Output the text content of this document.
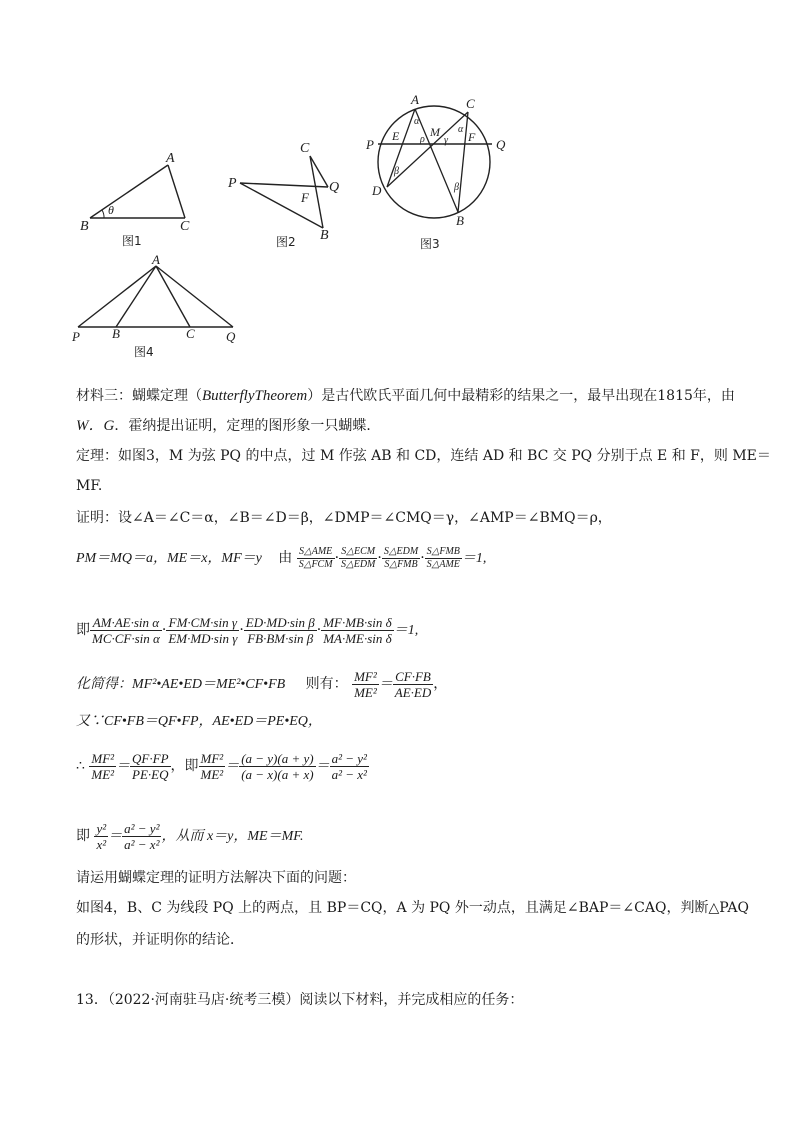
A
B	C
θ
图1
C
P	Q
F
B
图2
A	C
P
E	M F Q
D
B
α
α
β
β
ρ γ
图3
A
P B	C Q
图4
材料三：蝴蝶定理（ButterflyTheorem）是古代欧氏平面几何中最精彩的结果之一，最早出现在1815年，由
W．G．霍纳提出证明，定理的图形象一只蝴蝶．
定理：如图3，M 为弦 PQ 的中点，过 M 作弦 AB 和 CD，连结 AD 和 BC 交 PQ 分别于点 E 和 F，则 ME＝
MF.
证明：设∠A＝∠C＝α，∠B＝∠D＝β，∠DMP＝∠CMQ＝γ，∠AMP＝∠BMQ＝ρ，
PM＝MQ＝a，ME＝x，MF＝y 由 $\frac{\text{S△AME}}{\text{S△FCM}} \cdot \frac{\text{S△ECM}}{\text{S△EDM}} \cdot \frac{\text{S△EDM}}{\text{S△FMB}} \cdot \frac{\text{S△FMB}}{\text{S△AME}} =1$,
即 $\frac{\text{AM·AE·sin α}}{\text{MC·CF·sin α}} \cdot \frac{\text{FM·CM·sin γ}}{\text{EM·MD·sin γ}} \cdot \frac{\text{ED·MD·sin β}}{\text{FB·BM·sin β}} \cdot \frac{\text{MF·MB·sin δ}}{\text{MA·ME·sin δ}} =1$,
化简得：MF²•AE•ED＝ME²•CF•FB 则有： $\frac{\text{MF²}}{\text{ME²}} = \frac{CF\cdot FB}{AE\cdot ED}$ ，
又∵CF•FB＝QF•FP，AE•ED＝PE•EQ，
∴ $\frac{\text{MF²}}{\text{ME²}} = \frac{QF\cdot FP}{PE\cdot EQ}$ ，即 $\frac{\text{MF²}}{\text{ME²}} = \frac{(a - y)(a + y)}{(a - x)(a + x)} = \frac{\text{a² − y²}}{\text{a² − x²}}$
即 $\frac{\text{y²}}{\text{x²}} = \frac{\text{a² − y²}}{\text{a² − x²}}$ ，从而 x＝y，ME＝MF.
请运用蝴蝶定理的证明方法解决下面的问题：
如图4，B、C 为线段 PQ 上的两点，且 BP＝CQ，A 为 PQ 外一动点，且满足∠BAP＝∠CAQ，判断△PAQ
的形状，并证明你的结论．
13．（2022·河南驻马店·统考三模）阅读以下材料，并完成相应的任务：
